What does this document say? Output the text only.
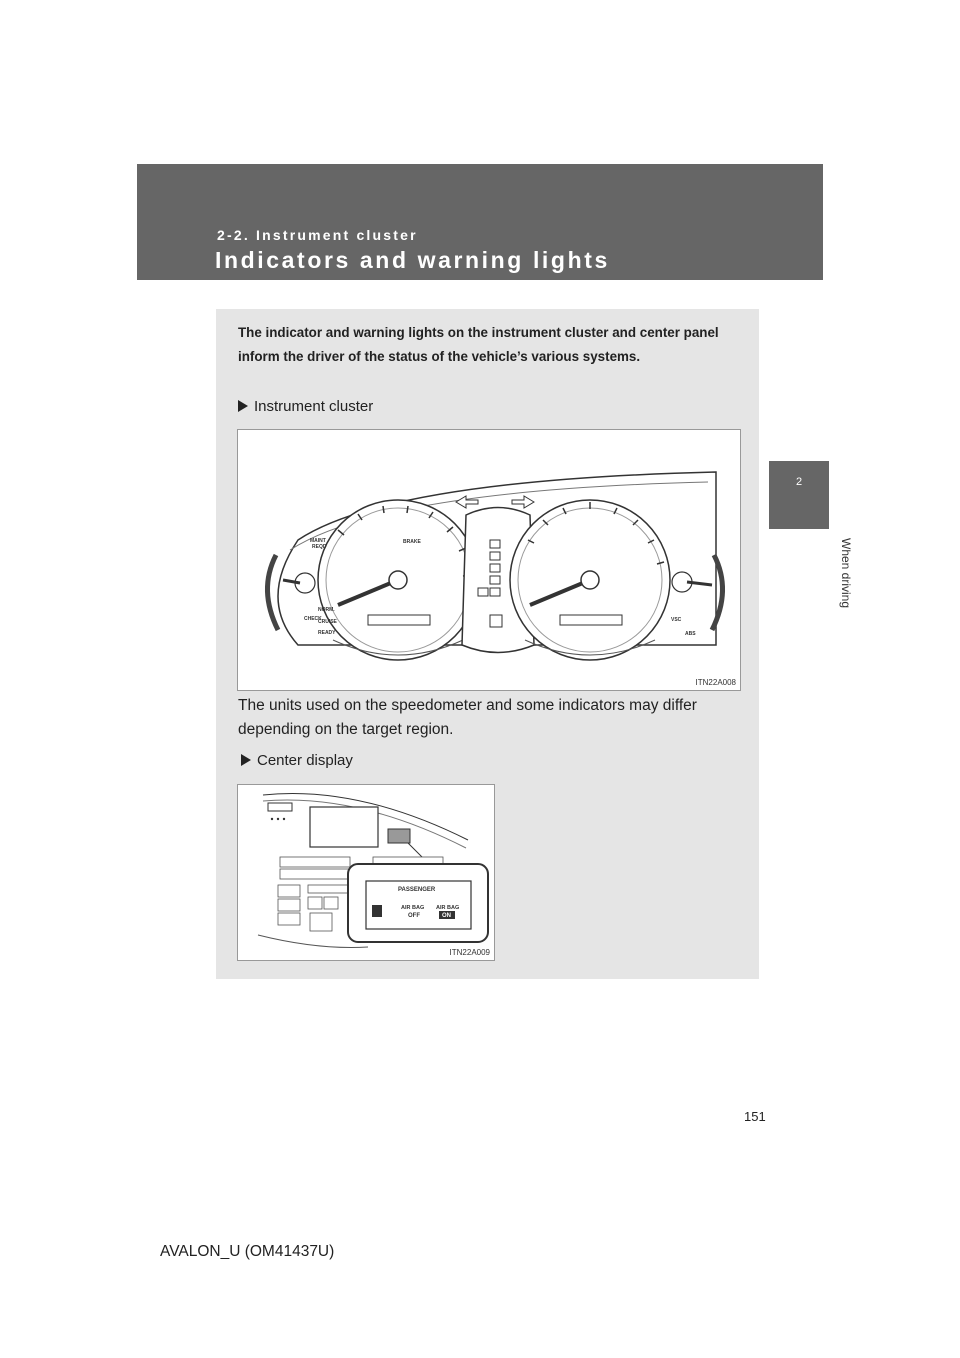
2-2. Instrument cluster
Indicators and warning lights
2
When driving
The indicator and warning lights on the instrument cluster and center panel inform the driver of the status of the vehicle’s various systems.
Instrument cluster
MAINT
REQD
BRAKE
CHECK
NORM.
CRUISE
READY
VSC
ABS
ITN22A008
The units used on the speedometer and some indicators may differ depending on the target region.
Center display
PASSENGER
AIR BAG
OFF
AIR BAG
ON
ITN22A009
151
AVALON_U (OM41437U)
